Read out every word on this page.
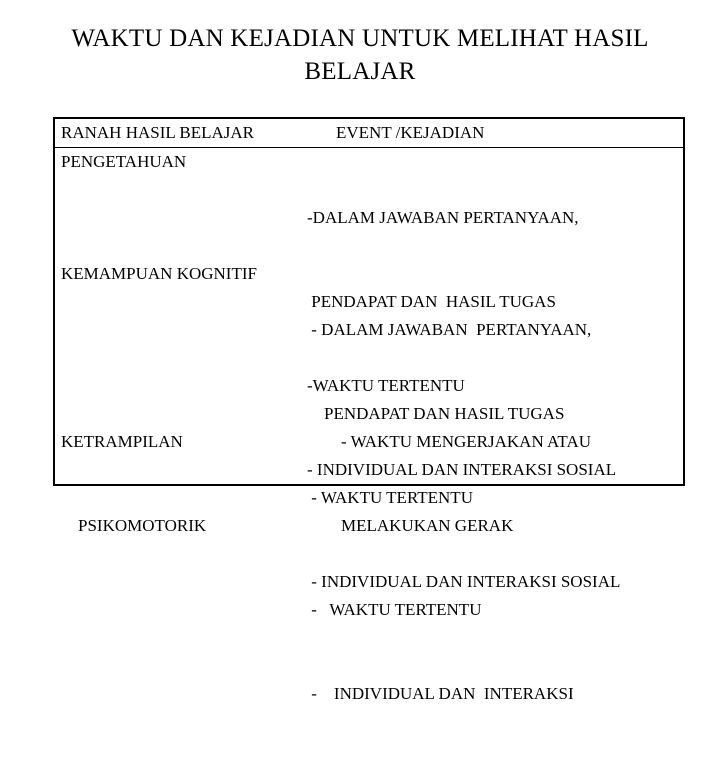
WAKTU DAN KEJADIAN UNTUK MELIHAT HASIL
BELAJAR
RANAH HASIL BELAJAR	EVENT /KEJADIAN
PENGETAHUAN

-DALAM JAWABAN PERTANYAAN,

PENDAPAT DAN  HASIL TUGAS

-WAKTU TERTENTU

- INDIVIDUAL DAN INTERAKSI SOSIAL

KEMAMPUAN KOGNITIF

- DALAM JAWABAN  PERTANYAAN,

PENDAPAT DAN HASIL TUGAS

- WAKTU TERTENTU

- INDIVIDUAL DAN INTERAKSI SOSIAL

KETRAMPILAN

PSIKOMOTORIK

- WAKTU MENGERJAKAN ATAU

MELAKUKAN GERAK

-   WAKTU TERTENTU

-    INDIVIDUAL DAN  INTERAKSI
